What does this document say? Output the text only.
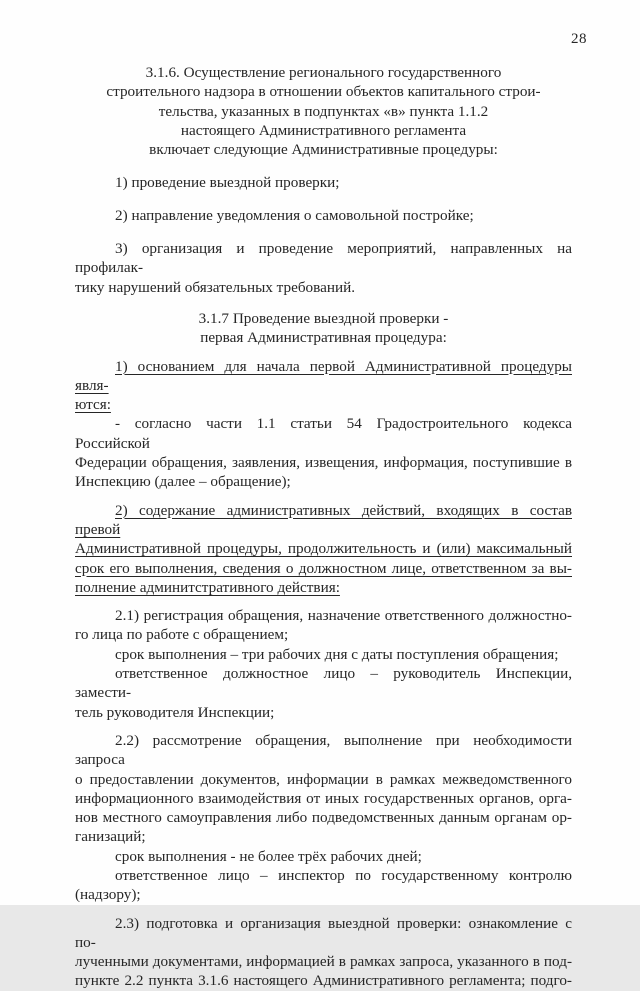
28
3.1.6. Осуществление регионального государственного
строительного надзора в отношении объектов капитального строи-
тельства, указанных в подпунктах «в» пункта 1.1.2
настоящего Административного регламента
включает следующие Административные процедуры:
1) проведение выездной проверки;
2) направление уведомления о самовольной постройке;
3) организация и проведение мероприятий, направленных на профилак-
тику нарушений обязательных требований.
3.1.7 Проведение выездной проверки -
первая Административная процедура:
1) основанием для начала первой Административной процедуры явля-
ются:
- согласно части 1.1 статьи 54 Градостроительного кодекса Российской
Федерации обращения, заявления, извещения, информация, поступившие в
Инспекцию (далее – обращение);
2) содержание административных действий, входящих в состав превой
Административной процедуры, продолжительность и (или) максимальный
срок его выполнения, сведения о должностном лице, ответственном за вы-
полнение админитстративного действия:
2.1) регистрация обращения, назначение ответственного должностно-
го лица по работе с обращением;
срок выполнения – три рабочих дня с даты поступления обращения;
ответственное должностное лицо – руководитель Инспекции, замести-
тель руководителя Инспекции;
2.2) рассмотрение обращения, выполнение при необходимости запроса
о предоставлении документов, информации в рамках межведомственного
информационного взаимодействия от иных государственных органов, орга-
нов местного самоуправления либо подведомственных данным органам ор-
ганизаций;
срок выполнения - не более трёх рабочих дней;
ответственное лицо – инспектор по государственному контролю
(надзору);
2.3) подготовка и организация выездной проверки: ознакомление с по-
лученными документами, информацией в рамках запроса, указанного в под-
пункте 2.2 пункта 3.1.6 настоящего Административного регламента; подго-
